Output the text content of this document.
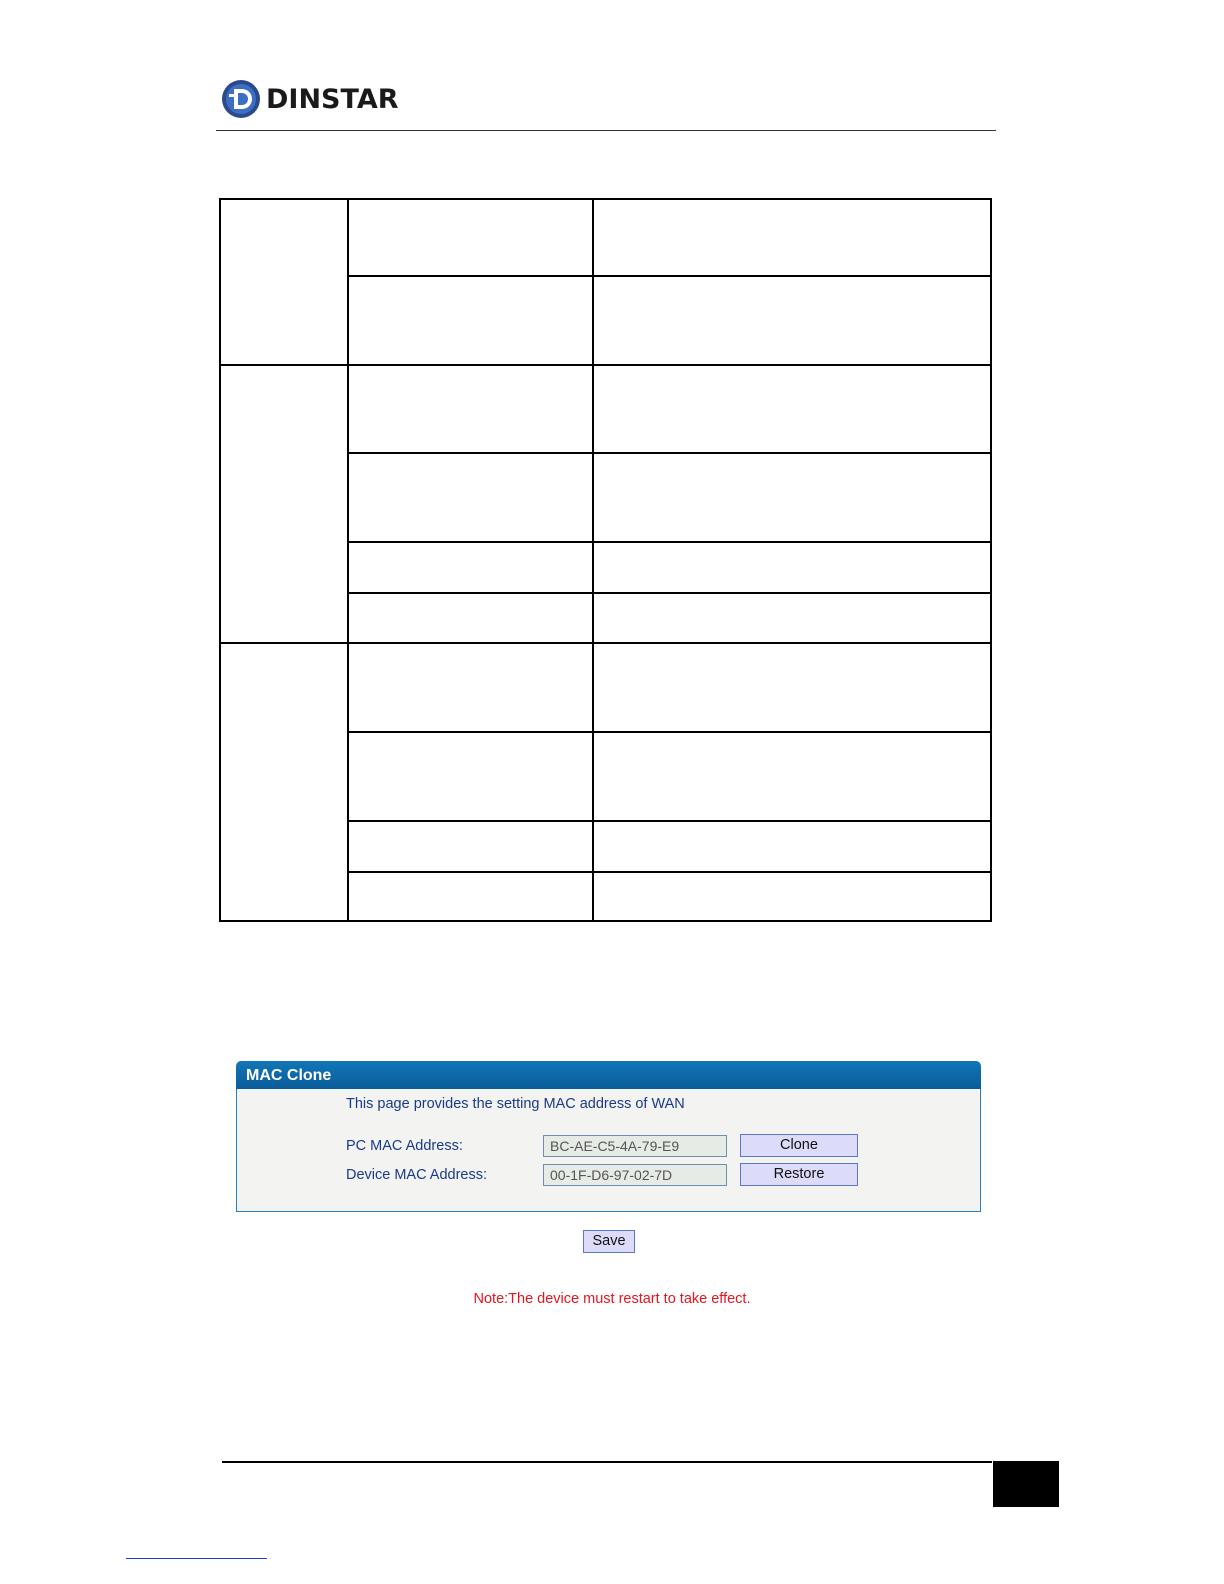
DINSTAR
MAC Clone
This page provides the setting MAC address of WAN
PC MAC Address:
BC-AE-C5-4A-79-E9	Clone
Device MAC Address:
00-1F-D6-97-02-7D	Restore
Save
Note:The device must restart to take effect.
